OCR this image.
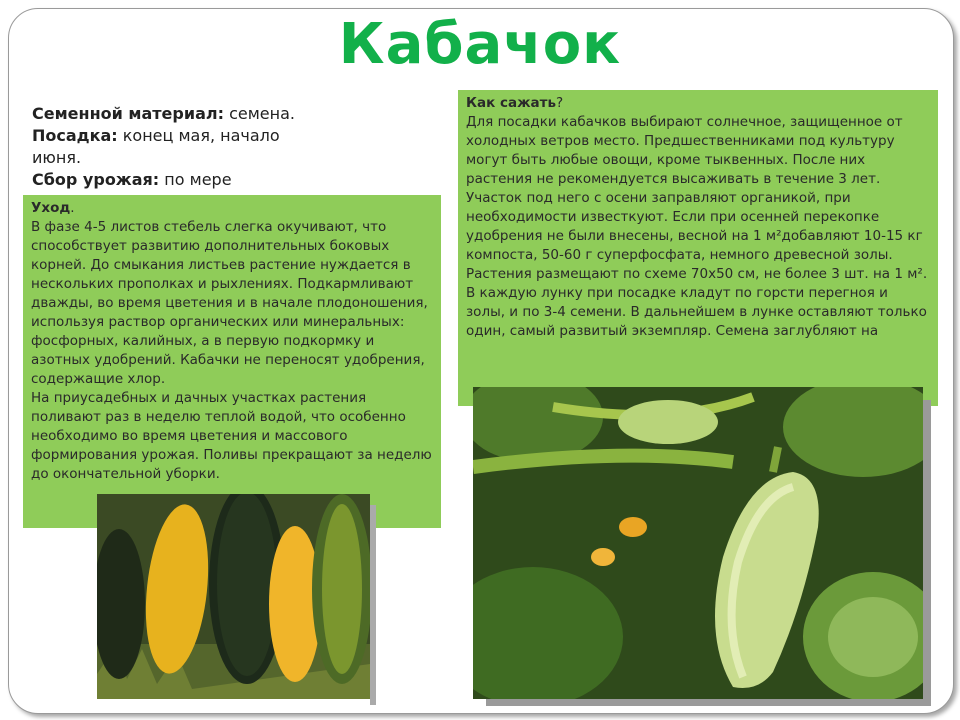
Кабачок
Семенной материал: семена.
Посадка: конец мая, начало июня.
Сбор урожая: по мере

Уход.

В фазе 4-5 листов стебель слегка окучивают, что способствует развитию дополнительных боковых корней. До смыкания листьев растение нуждается в нескольких прополках и рыхлениях. Подкармливают дважды, во время цветения и в начале плодоношения, используя раствор органических или минеральных: фосфорных, калийных, а в первую подкормку и азотных удобрений. Кабачки не переносят удобрения, содержащие хлор.

На приусадебных и дачных участках растения поливают раз в неделю теплой водой, что особенно необходимо во время цветения и массового формирования урожая. Поливы прекращают за неделю до окончательной уборки.

Как сажать?

Для посадки кабачков выбирают солнечное, защищенное от холодных ветров место. Предшественниками под культуру могут быть любые овощи, кроме тыквенных. После них растения не рекомендуется высаживать в течение 3 лет. Участок под него с осени заправляют органикой, при необходимости известкуют. Если при осенней перекопке удобрения не были внесены, весной на 1 м²добавляют 10-15 кг компоста, 50-60 г суперфосфата, немного древесной золы. Растения размещают по схеме 70х50 см, не более 3 шт. на 1 м². В каждую лунку при посадке кладут по горсти перегноя и золы, и по 3-4 семени. В дальнейшем в лунке оставляют только один, самый развитый экземпляр. Семена заглубляют на
